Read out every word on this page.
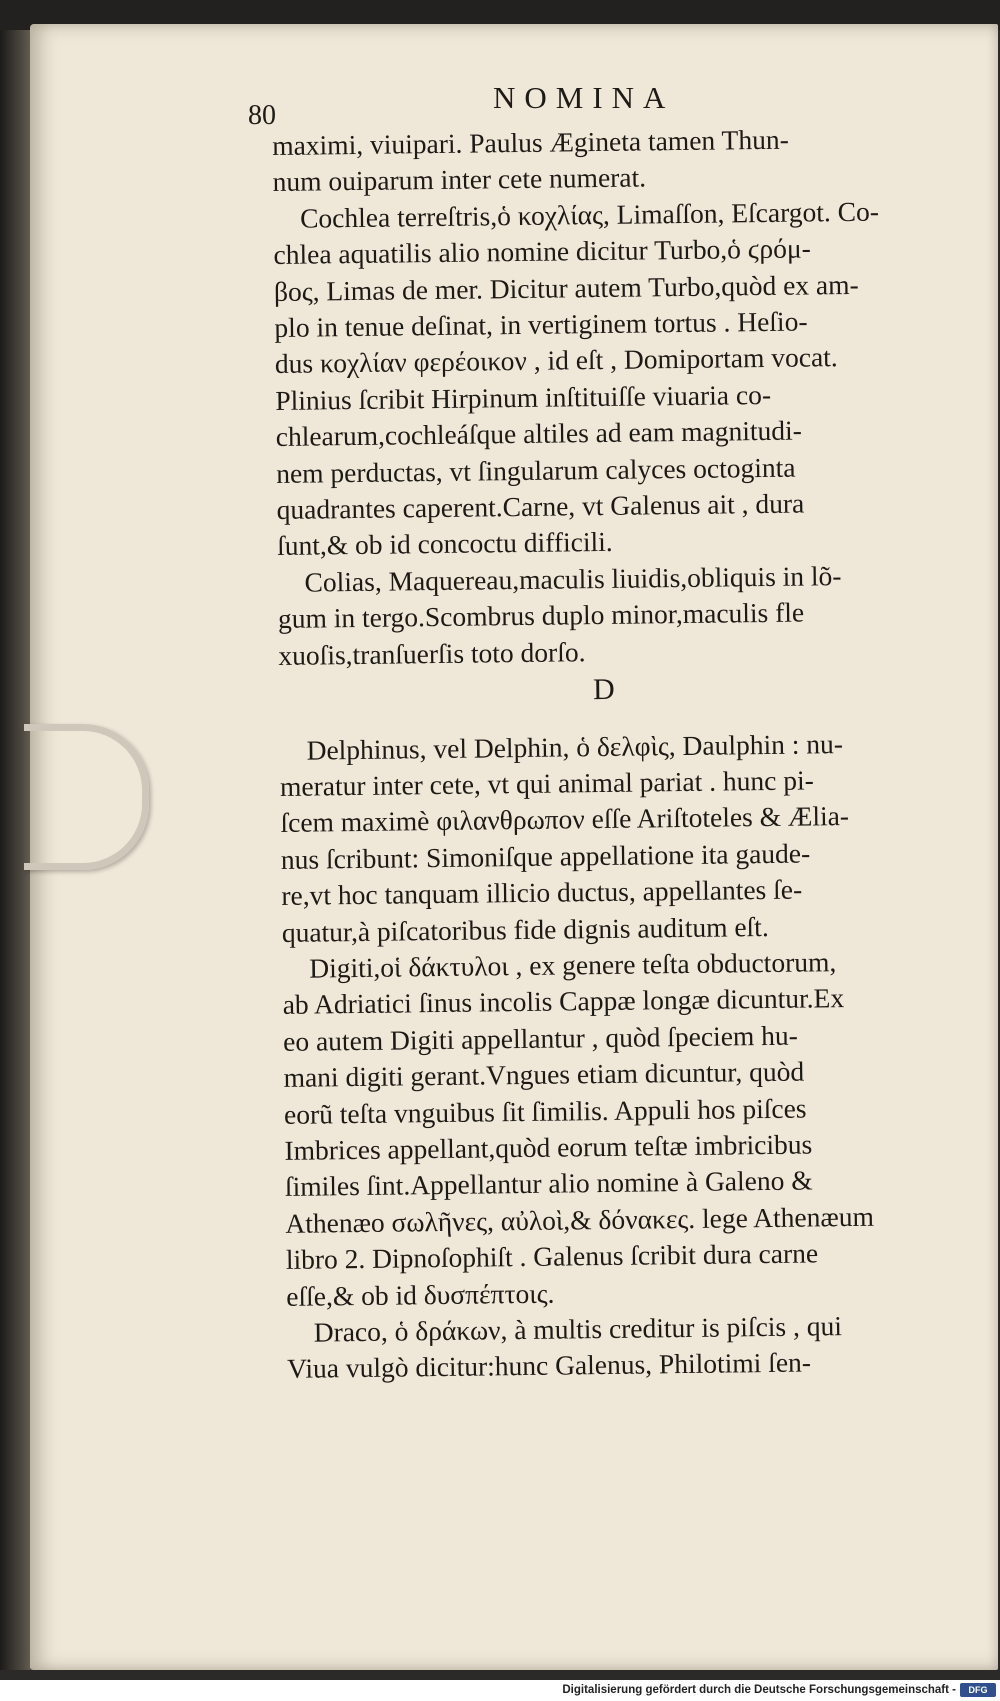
80
NOMINA
maximi, viuipari. Paulus Ægineta tamen Thun-
num ouiparum inter cete numerat.
Cochlea terreſtris,ὁ κοχλίας, Limaſſon, Eſcargot. Co-
chlea aquatilis alio nomine dicitur Turbo,ὁ ϛρόμ-
βος, Limas de mer. Dicitur autem Turbo,quòd ex am-
plo in tenue deſinat, in vertiginem tortus . Heſio-
dus κοχλίαν φερέοικον , id eſt , Domiportam vocat.
Plinius ſcribit Hirpinum inſtituiſſe viuaria co-
chlearum,cochleáſque altiles ad eam magnitudi-
nem perductas, vt ſingularum calyces octoginta
quadrantes caperent.Carne, vt Galenus ait , dura
ſunt,& ob id concoctu difficili.
Colias, Maquereau,maculis liuidis,obliquis in lõ-
gum in tergo.Scombrus duplo minor,maculis fle
xuoſis,tranſuerſis toto dorſo.
D
Delphinus, vel Delphin, ὁ δελφὶς, Daulphin : nu-
meratur inter cete, vt qui animal pariat . hunc pi-
ſcem maximè φιλανθρωπον eſſe Ariſtoteles & Ælia-
nus ſcribunt: Simoniſque appellatione ita gaude-
re,vt hoc tanquam illicio ductus, appellantes ſe-
quatur,à piſcatoribus fide dignis auditum eſt.
Digiti,οἱ δάκτυλοι , ex genere teſta obductorum,
ab Adriatici ſinus incolis Cappæ longæ dicuntur.Ex
eo autem Digiti appellantur , quòd ſpeciem hu-
mani digiti gerant.Vngues etiam dicuntur, quòd
eorũ teſta vnguibus ſit ſimilis. Appuli hos piſces
Imbrices appellant,quòd eorum teſtæ imbricibus
ſimiles ſint.Appellantur alio nomine à Galeno &
Athenæo σωλῆνες, αὐλοὶ,& δόνακες. lege Athenæum
libro 2. Dipnoſophiſt . Galenus ſcribit dura carne
eſſe,& ob id δυσπέπτοις.
Draco, ὁ δράκων, à multis creditur is piſcis , qui
Viua vulgò dicitur:hunc Galenus, Philotimi ſen-
Digitalisierung gefördert durch die Deutsche Forschungsgemeinschaft -	DFG
